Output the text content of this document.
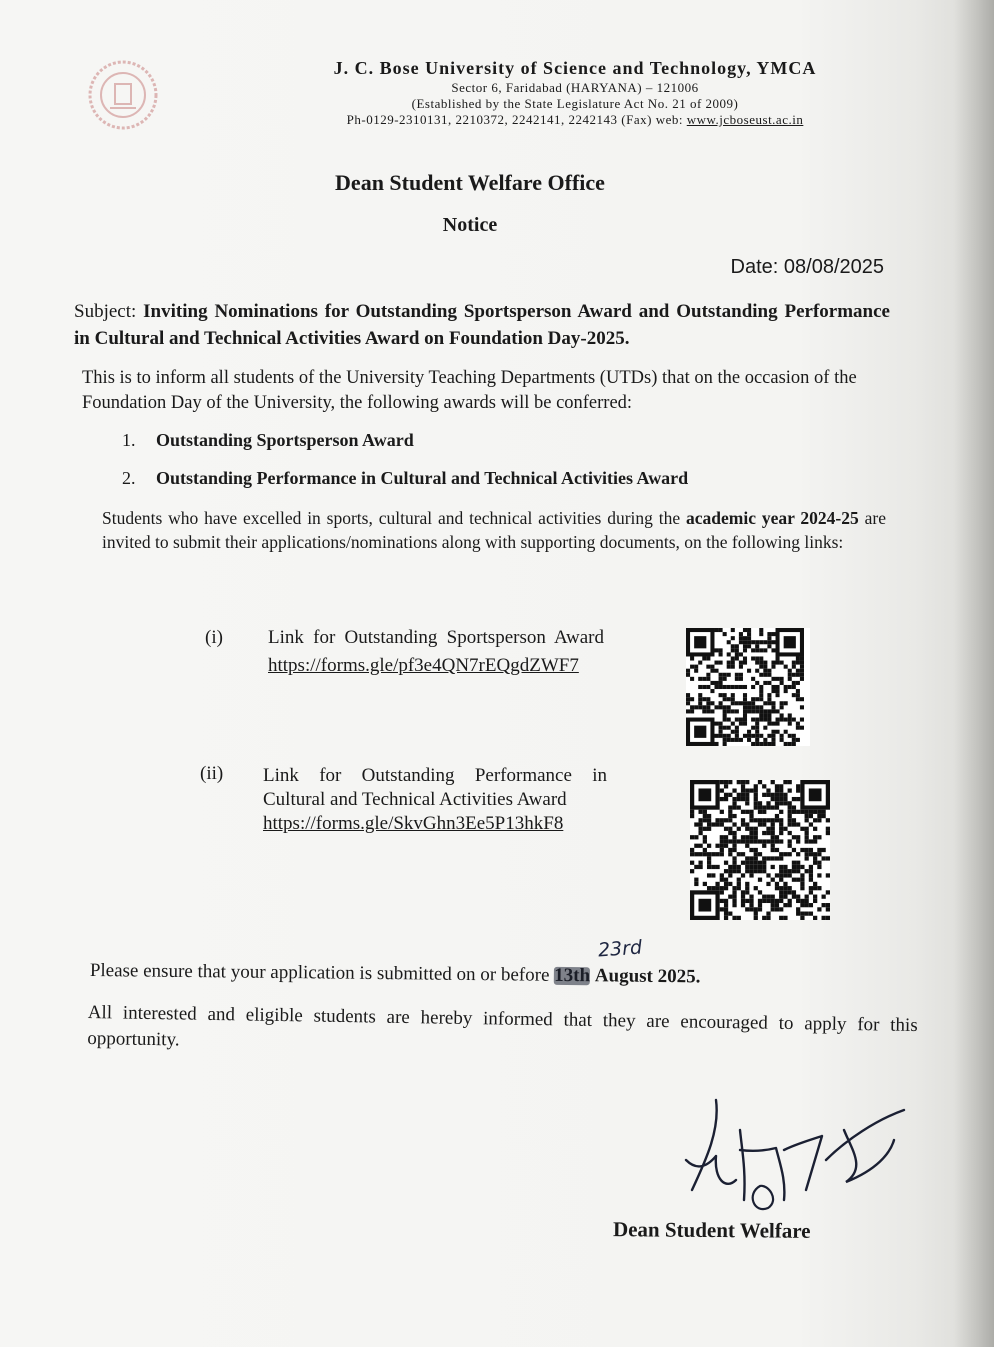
J. C. Bose University of Science and Technology, YMCA
Sector 6, Faridabad (HARYANA) – 121006
(Established by the State Legislature Act No. 21 of 2009)
Ph-0129-2310131, 2210372, 2242141, 2242143 (Fax) web: www.jcboseust.ac.in
Dean Student Welfare Office
Notice
Date: 08/08/2025
Subject: Inviting Nominations for Outstanding Sportsperson Award and Outstanding Performance in Cultural and Technical Activities Award on Foundation Day-2025.
This is to inform all students of the University Teaching Departments (UTDs) that on the occasion of the Foundation Day of the University, the following awards will be conferred:
1. Outstanding Sportsperson Award
2. Outstanding Performance in Cultural and Technical Activities Award
Students who have excelled in sports, cultural and technical activities during the academic year 2024-25 are invited to submit their applications/nominations along with supporting documents, on the following links:
(i) Link for Outstanding Sportsperson Award
https://forms.gle/pf3e4QN7rEQgdZWF7
(ii) Link for Outstanding Performance in Cultural and Technical Activities Award
https://forms.gle/SkvGhn3Ee5P13hkF8
23rd
Please ensure that your application is submitted on or before August 2025.
All interested and eligible students are hereby informed that they are encouraged to apply for this opportunity.
Dean Student Welfare
